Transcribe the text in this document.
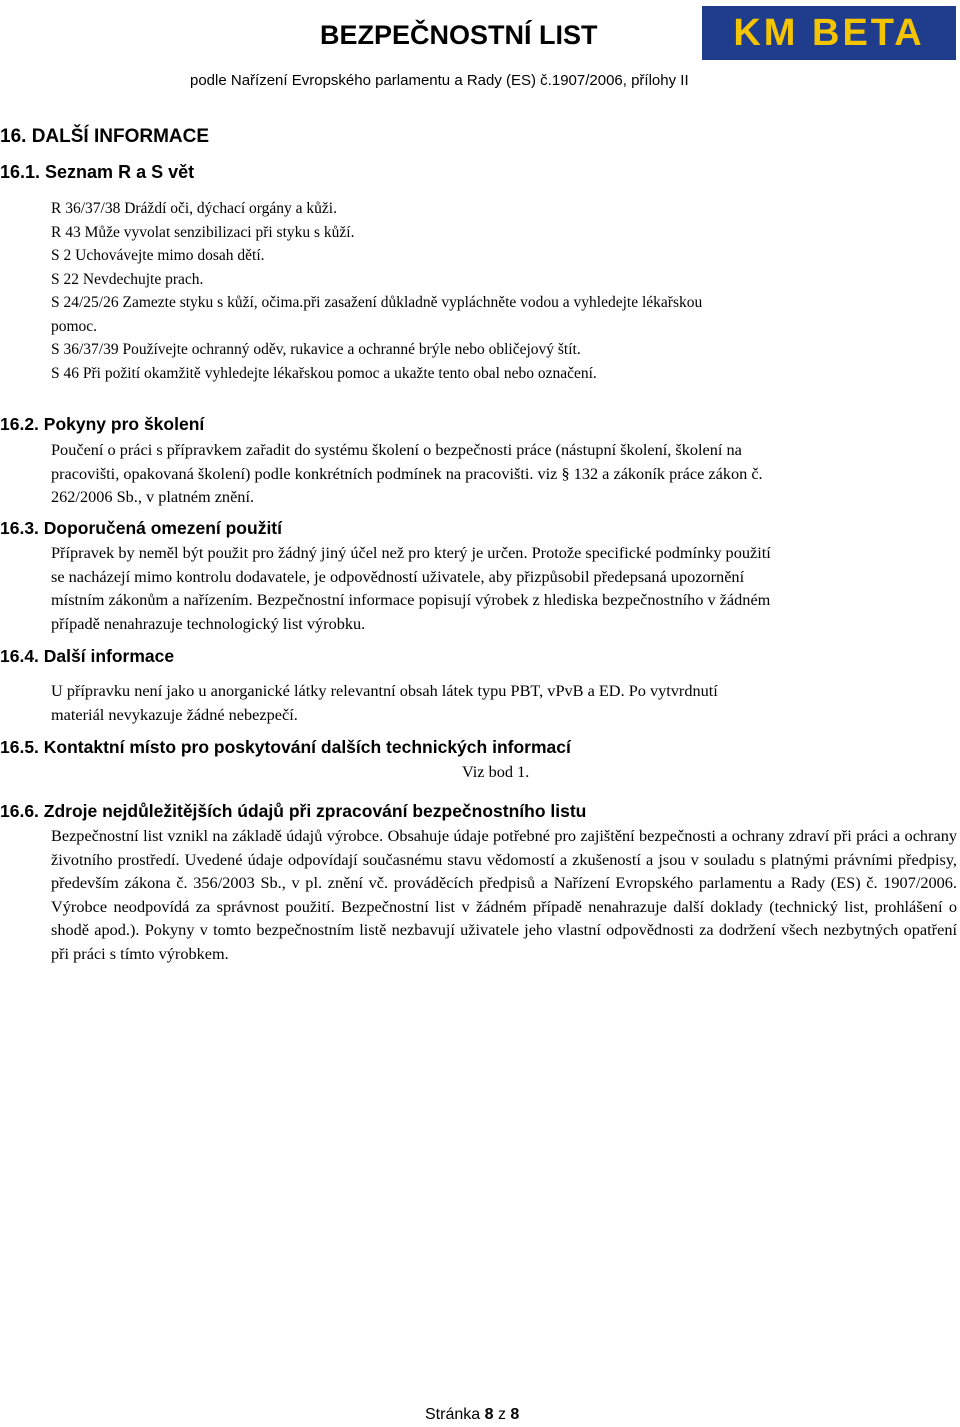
BEZPEČNOSTNÍ LIST	KM BETA
podle Nařízení Evropského parlamentu a Rady (ES) č.1907/2006, přílohy II
16. DALŠÍ INFORMACE
16.1. Seznam R a S vět
R 36/37/38 Dráždí oči, dýchací orgány a kůži.
R 43 Může vyvolat senzibilizaci při styku s kůží.
S 2 Uchovávejte mimo dosah dětí.
S 22 Nevdechujte prach.
S 24/25/26 Zamezte styku s kůží, očima.při zasažení důkladně vypláchněte vodou a vyhledejte lékařskou
pomoc.
S 36/37/39 Používejte ochranný oděv, rukavice a ochranné brýle nebo obličejový štít.
S 46 Při požití okamžitě vyhledejte lékařskou pomoc a ukažte tento obal nebo označení.
16.2. Pokyny pro školení
Poučení o práci s přípravkem zařadit do systému školení o bezpečnosti práce (nástupní školení, školení na
pracovišti, opakovaná školení) podle konkrétních podmínek na pracovišti. viz § 132 a zákoník práce zákon č.
262/2006 Sb., v platném znění.
16.3. Doporučená omezení použití
Přípravek by neměl být použit pro žádný jiný účel než pro který je určen. Protože specifické podmínky použití
se nacházejí mimo kontrolu dodavatele, je odpovědností uživatele, aby přizpůsobil předepsaná upozornění
místním zákonům a nařízením. Bezpečnostní informace popisují výrobek z hlediska bezpečnostního v žádném
případě nenahrazuje technologický list výrobku.
16.4. Další informace
U přípravku není jako u anorganické látky relevantní obsah látek typu PBT, vPvB a ED. Po vytvrdnutí
materiál nevykazuje žádné nebezpečí.
16.5. Kontaktní místo pro poskytování dalších technických informací
Viz bod 1.
16.6. Zdroje nejdůležitějších údajů při zpracování bezpečnostního listu
Bezpečnostní list vznikl na základě údajů výrobce. Obsahuje údaje potřebné pro zajištění bezpečnosti a ochrany zdraví při práci a ochrany životního prostředí. Uvedené údaje odpovídají současnému stavu vědomostí a zkušeností a jsou v souladu s platnými právními předpisy, především zákona č. 356/2003 Sb., v pl. znění vč. prováděcích předpisů a Nařízení Evropského parlamentu a Rady (ES) č. 1907/2006. Výrobce neodpovídá za správnost použití. Bezpečnostní list v žádném případě nenahrazuje další doklady (technický list, prohlášení o shodě apod.). Pokyny v tomto bezpečnostním listě nezbavují uživatele jeho vlastní odpovědnosti za dodržení všech nezbytných opatření při práci s tímto výrobkem.
Stránka 8 z 8
